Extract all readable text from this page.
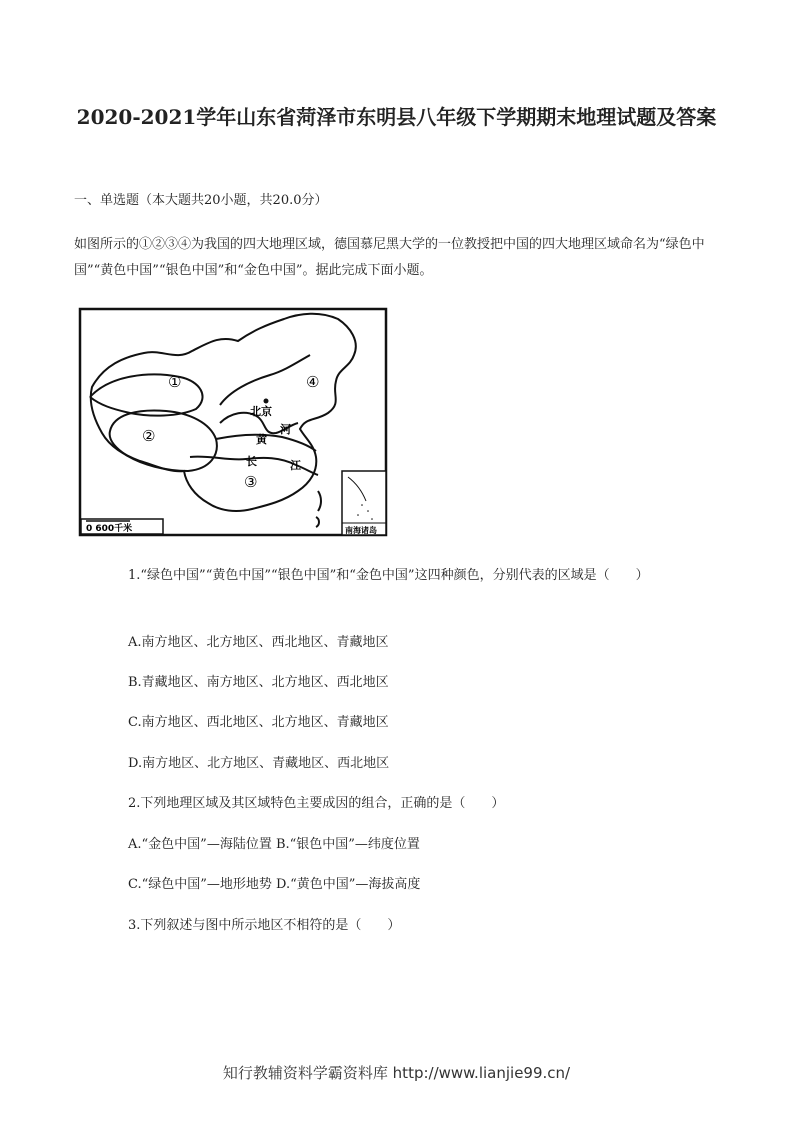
2020-2021学年山东省菏泽市东明县八年级下学期期末地理试题及答案
一、单选题（本大题共20小题，共20.0分）
如图所示的①②③④为我国的四大地理区域，德国慕尼黑大学的一位教授把中国的四大地理区域命名为“绿色中国”“黄色中国”“银色中国”和“金色中国”。据此完成下面小题。
①
②
③
④
北京
黄
河
长	江
0 600千米	南海诸岛
1.“绿色中国”“黄色中国”“银色中国”和“金色中国”这四种颜色，分别代表的区域是（　　）
A.南方地区、北方地区、西北地区、青藏地区
B.青藏地区、南方地区、北方地区、西北地区
C.南方地区、西北地区、北方地区、青藏地区
D.南方地区、北方地区、青藏地区、西北地区
2.下列地理区域及其区域特色主要成因的组合，正确的是（　　）
A.“金色中国”—海陆位置 B.“银色中国”—纬度位置
C.“绿色中国”—地形地势 D.“黄色中国”—海拔高度
3.下列叙述与图中所示地区不相符的是（　　）
知行教辅资料学霸资料库 http://www.lianjie99.cn/
